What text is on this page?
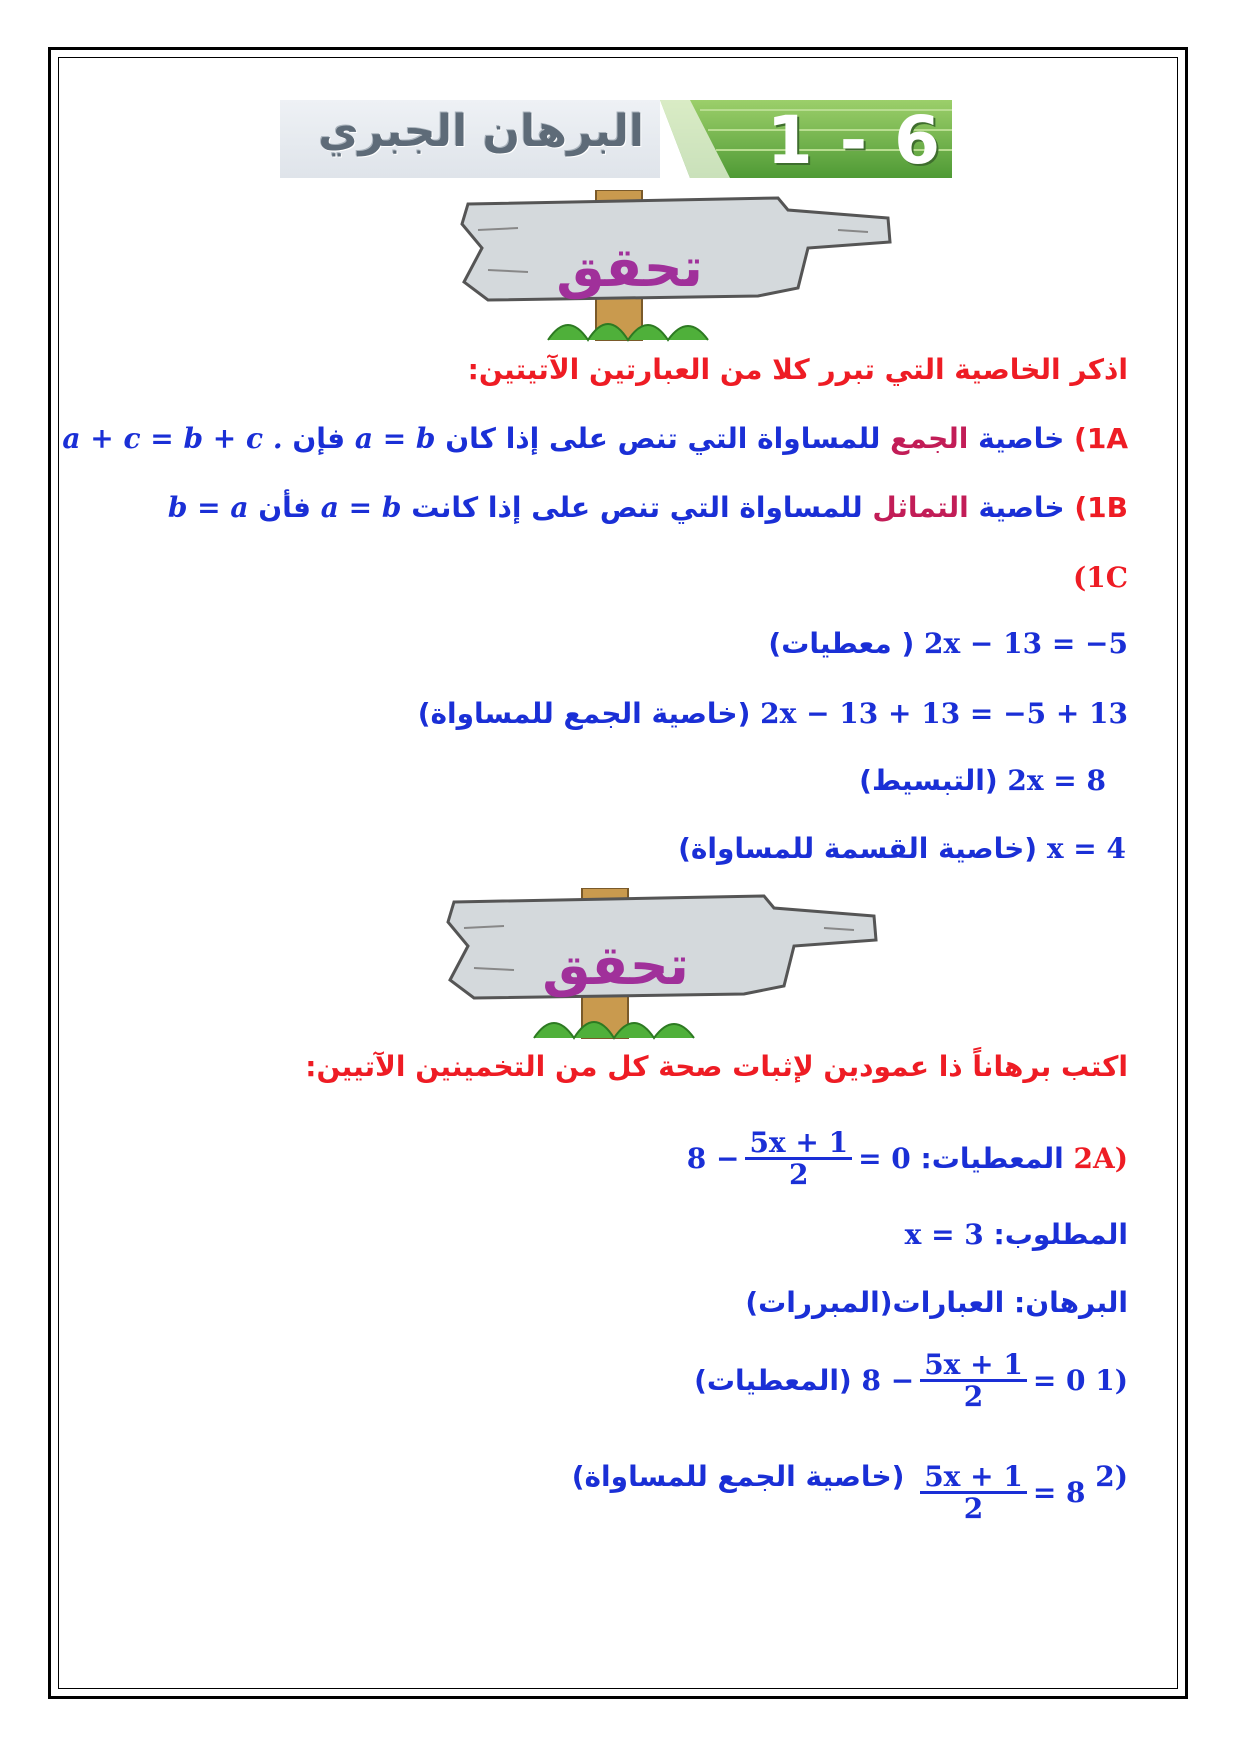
البرهان الجبري 1 - 6
تحقق
اذكر الخاصية التي تبرر كلا من العبارتين الآتيتين:
1A) خاصية الجمع للمساواة التي تنص على إذا كان a = b فإن a + c = b + c .
1B) خاصية التماثل للمساواة التي تنص على إذا كانت a = b فأن b = a
(1C
2x − 13 = −5 ( معطيات)
2x − 13 + 13 = −5 + 13 (خاصية الجمع للمساواة)
2x = 8 (التبسيط)
x = 4 (خاصية القسمة للمساواة)
تحقق
اكتب برهاناً ذا عمودين لإثبات صحة كل من التخمينين الآتيين:
2A) المعطيات:
$8 - \frac{5x + 1}{2} = 0$
المطلوب: x = 3
البرهان: العبارات(المبررات)
1)
$8 - \frac{5x + 1}{2} = 0$
(المعطيات)
2)
$\frac{5x + 1}{2} = 8$
(خاصية الجمع للمساواة)
